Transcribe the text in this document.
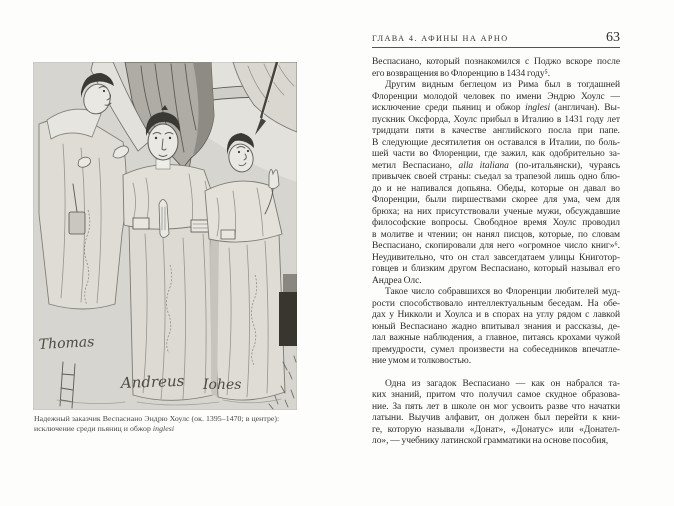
Thomas
Andreus Iohes
Надежный заказчик Веспасиано Эндрю Хоулс (ок. 1395–1470; в центре):
исключение среди пьяниц и обжор inglesi
ГЛАВА 4. АФИНЫ НА АРНО	63
Веспасиано, который познакомился с Поджо вскоре после
его возвращения во Флоренцию в 1434 году⁵.
Другим видным беглецом из Рима был в тогдашней
Флоренции молодой человек по имени Эндрю Хоулс —
исключение среди пьяниц и обжор inglesi (англичан). Вы-
пускник Оксфорда, Хоулс прибыл в Италию в 1431 году лет
тридцати пяти в качестве английского посла при папе.
В следующие десятилетия он оставался в Италии, по боль-
шей части во Флоренции, где зажил, как одобрительно за-
метил Веспасиано, alla italiana (по-итальянски), чураясь
привычек своей страны: съедал за трапезой лишь одно блю-
до и не напивался допьяна. Обеды, которые он давал во
Флоренции, были пиршествами скорее для ума, чем для
брюха; на них присутствовали ученые мужи, обсуждавшие
философские вопросы. Свободное время Хоулс проводил
в молитве и чтении; он нанял писцов, которые, по словам
Веспасиано, скопировали для него «огромное число книг»⁶.
Неудивительно, что он стал завсегдатаем улицы Книготор-
говцев и близким другом Веспасиано, который называл его
Андреа Олс.
Такое число собравшихся во Флоренции любителей муд-
рости способствовало интеллектуальным беседам. На обе-
дах у Никколи и Хоулса и в спорах на углу рядом с лавкой
юный Веспасиано жадно впитывал знания и рассказы, де-
лал важные наблюдения, а главное, питаясь крохами чужой
премудрости, сумел произвести на собеседников впечатле-
ние умом и толковостью.
Одна из загадок Веспасиано — как он набрался та-
ких знаний, притом что получил самое скудное образова-
ние. За пять лет в школе он мог усвоить разве что начатки
латыни. Выучив алфавит, он должен был перейти к кни-
ге, которую называли «Донат», «Донатус» или «Донател-
ло», — учебнику латинской грамматики на основе пособия,
